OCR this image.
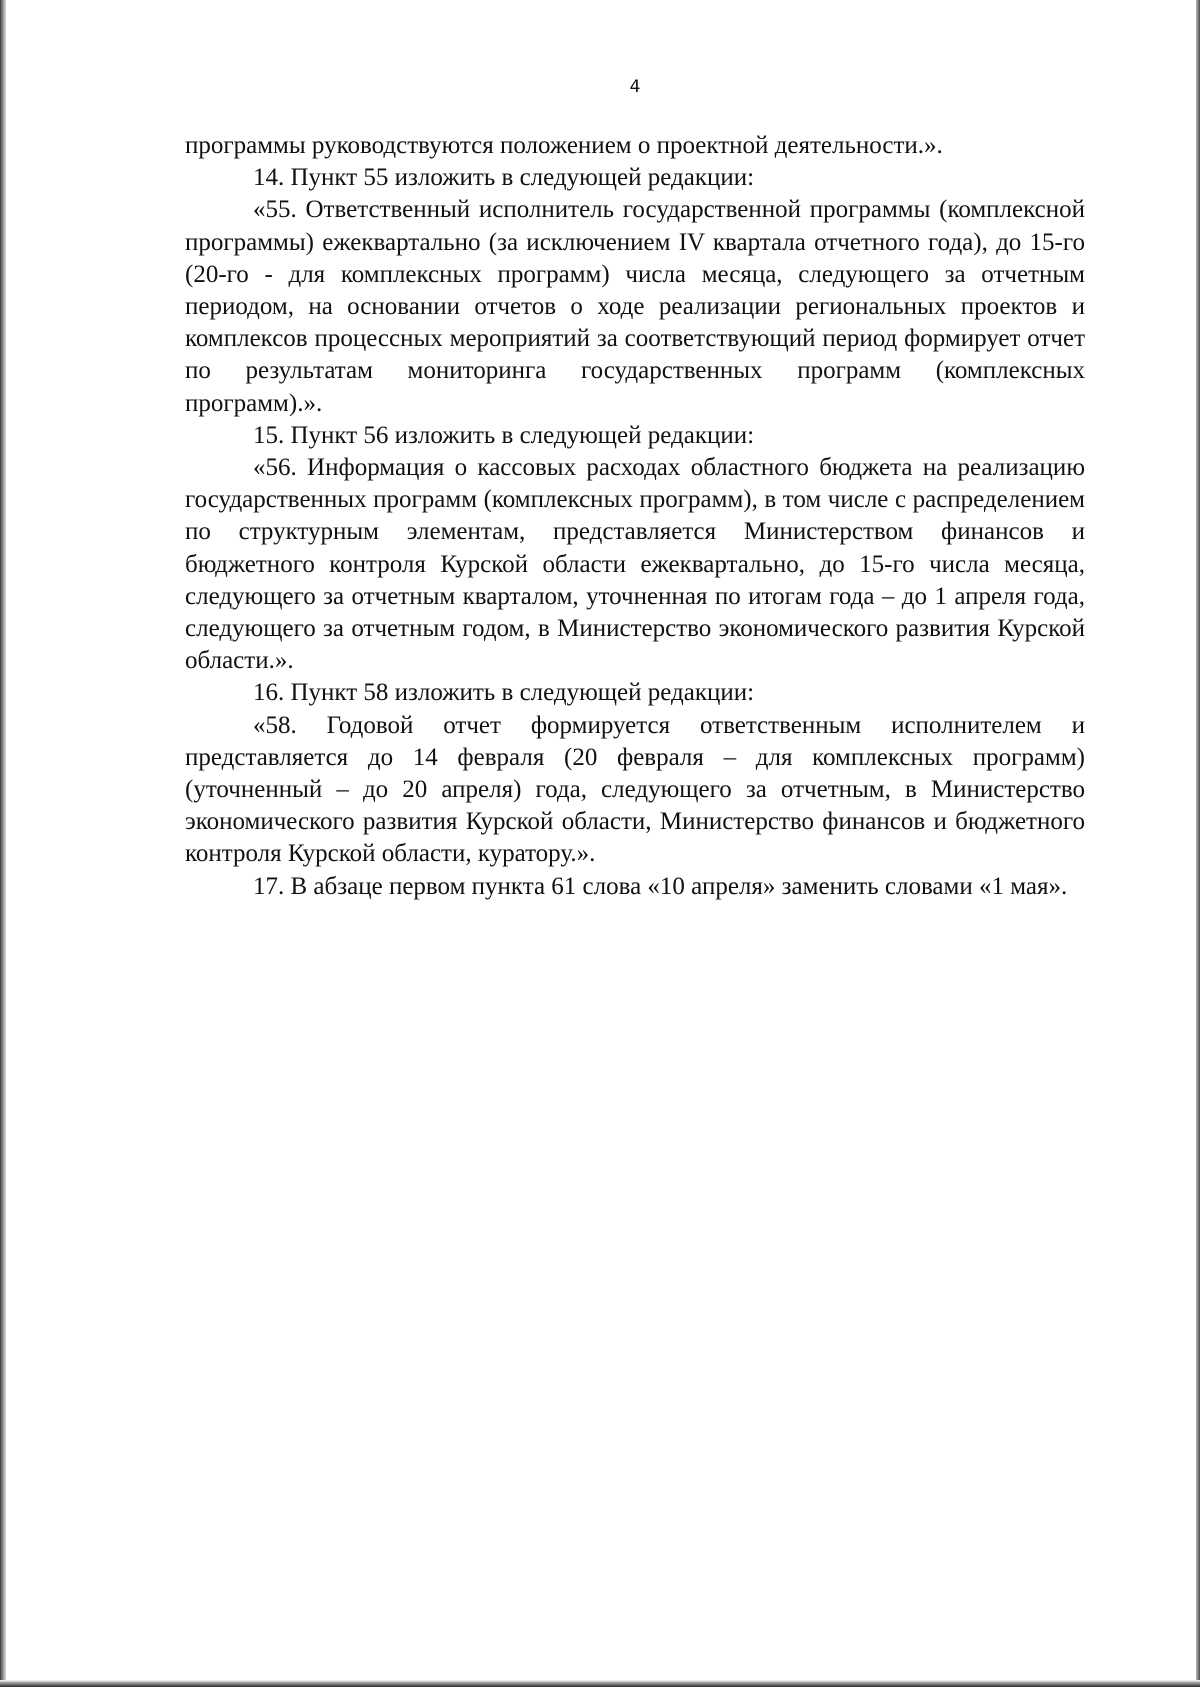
4

программы руководствуются положением о проектной деятельности.».

14. Пункт 55 изложить в следующей редакции:

«55. Ответственный исполнитель государственной программы (комплексной программы) ежеквартально (за исключением IV квартала отчетного года), до 15-го (20-го - для комплексных программ) числа месяца, следующего за отчетным периодом, на основании отчетов о ходе реализации региональных проектов и комплексов процессных мероприятий за соответствующий период формирует отчет по результатам мониторинга государственных программ (комплексных программ).».

15. Пункт 56 изложить в следующей редакции:

«56. Информация о кассовых расходах областного бюджета на реализацию государственных программ (комплексных программ), в том числе с распределением по структурным элементам, представляется Министерством финансов и бюджетного контроля Курской области ежеквартально, до 15-го числа месяца, следующего за отчетным кварталом, уточненная по итогам года – до 1 апреля года, следующего за отчетным годом, в Министерство экономического развития Курской области.».

16. Пункт 58 изложить в следующей редакции:

«58. Годовой отчет формируется ответственным исполнителем и представляется до 14 февраля (20 февраля – для комплексных программ) (уточненный – до 20 апреля) года, следующего за отчетным, в Министерство экономического развития Курской области, Министерство финансов и бюджетного контроля Курской области, куратору.».

17. В абзаце первом пункта 61 слова «10 апреля» заменить словами «1 мая».
